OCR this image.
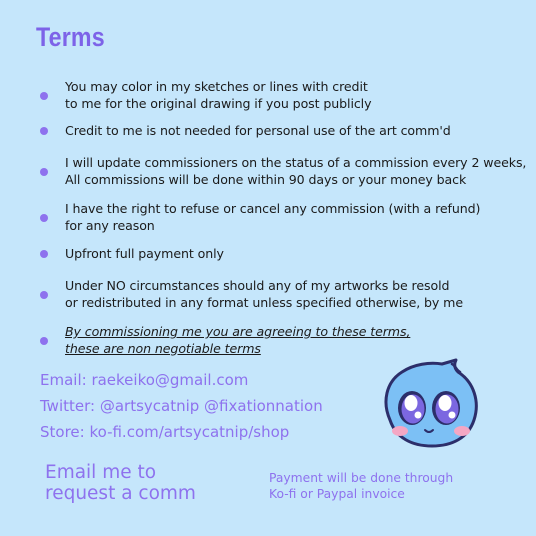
Terms
You may color in my sketches or lines with credit
to me for the original drawing if you post publicly
Credit to me is not needed for personal use of the art comm'd
I will update commissioners on the status of a commission every 2 weeks,
All commissions will be done within 90 days or your money back
I have the right to refuse or cancel any commission (with a refund)
for any reason
Upfront full payment only
Under NO circumstances should any of my artworks be resold
or redistributed in any format unless specified otherwise, by me
By commissioning me you are agreeing to these terms,
these are non negotiable terms
Email: raekeiko@gmail.com
Twitter: @artsycatnip @fixationnation
Store: ko-fi.com/artsycatnip/shop
Email me to
request a comm
Payment will be done through
Ko-fi or Paypal invoice
